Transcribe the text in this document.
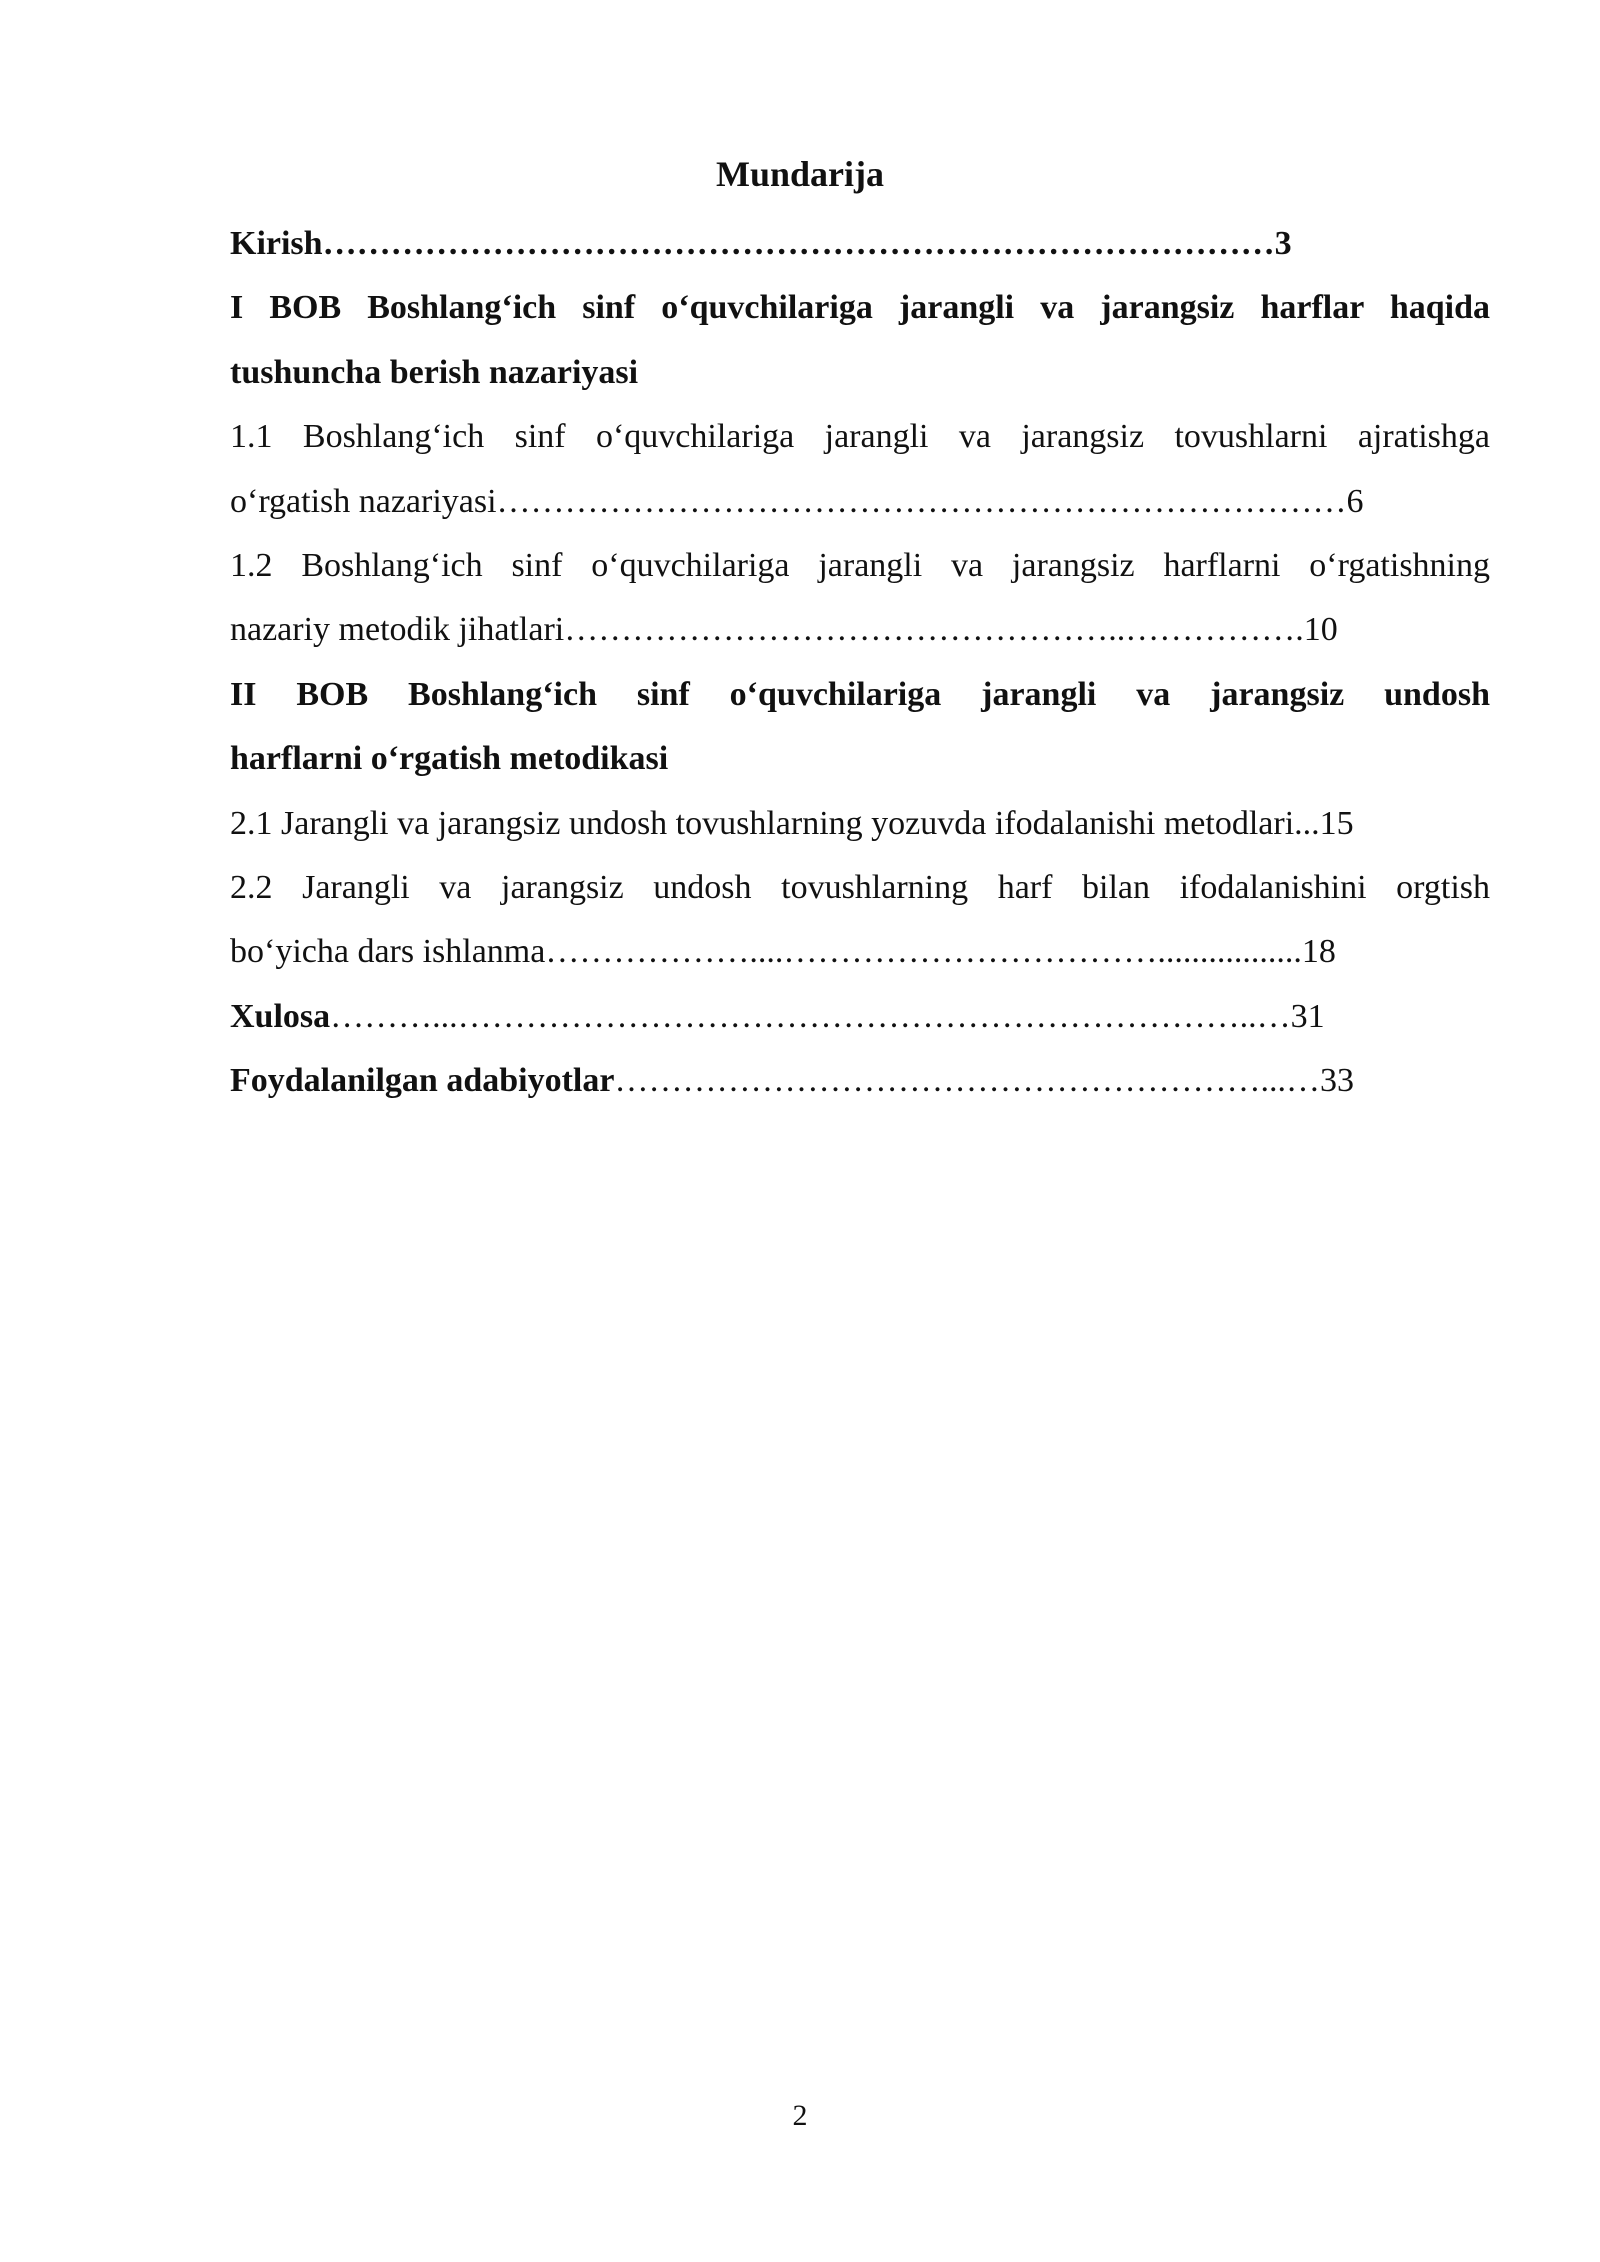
Mundarija
Kirish…………………………………………………………………………3
I BOB Boshlang‘ich sinf o‘quvchilariga jarangli va jarangsiz harflar haqida
tushuncha berish nazariyasi
1.1 Boshlang‘ich sinf o‘quvchilariga jarangli va jarangsiz tovushlarni ajratishga
o‘rgatish nazariyasi…………………………………………………………………6
1.2 Boshlang‘ich sinf o‘quvchilariga jarangli va jarangsiz harflarni o‘rgatishning
nazariy metodik jihatlari…………………………………………..…………….10
II BOB Boshlang‘ich sinf o‘quvchilariga jarangli va jarangsiz undosh
harflarni o‘rgatish metodikasi
2.1 Jarangli va jarangsiz undosh tovushlarning yozuvda ifodalanishi metodlari...15
2.2 Jarangli va jarangsiz undosh tovushlarning harf bilan ifodalanishini orgtish
bo‘yicha dars ishlanma………………....…………………………….................18
Xulosa………...……………………………………………………………..…31
Foydalanilgan adabiyotlar…………………………………………………...…33
2
